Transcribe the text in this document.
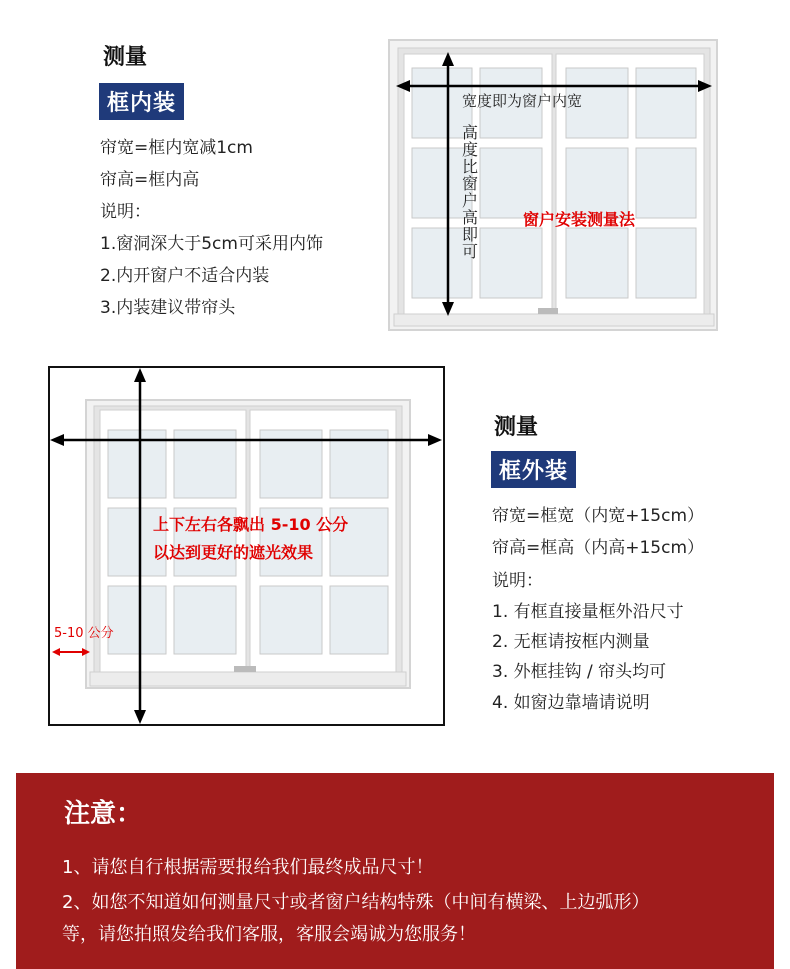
测量
框内装
帘宽=框内宽减1cm
帘高=框内高
说明：
1.窗洞深大于5cm可采用内饰
2.内开窗户不适合内装
3.内装建议带帘头
宽度即为窗户内宽
高度比窗户高即可
窗户安装测量法
上下左右各飘出 5-10 公分
以达到更好的遮光效果
5-10 公分
测量
框外装
帘宽=框宽（内宽+15cm）
帘高=框高（内高+15cm）
说明：
1. 有框直接量框外沿尺寸
2. 无框请按框内测量
3. 外框挂钩 / 帘头均可
4. 如窗边靠墙请说明
注意：
1、请您自行根据需要报给我们最终成品尺寸！
2、如您不知道如何测量尺寸或者窗户结构特殊（中间有横梁、上边弧形）
等，请您拍照发给我们客服，客服会竭诚为您服务！
